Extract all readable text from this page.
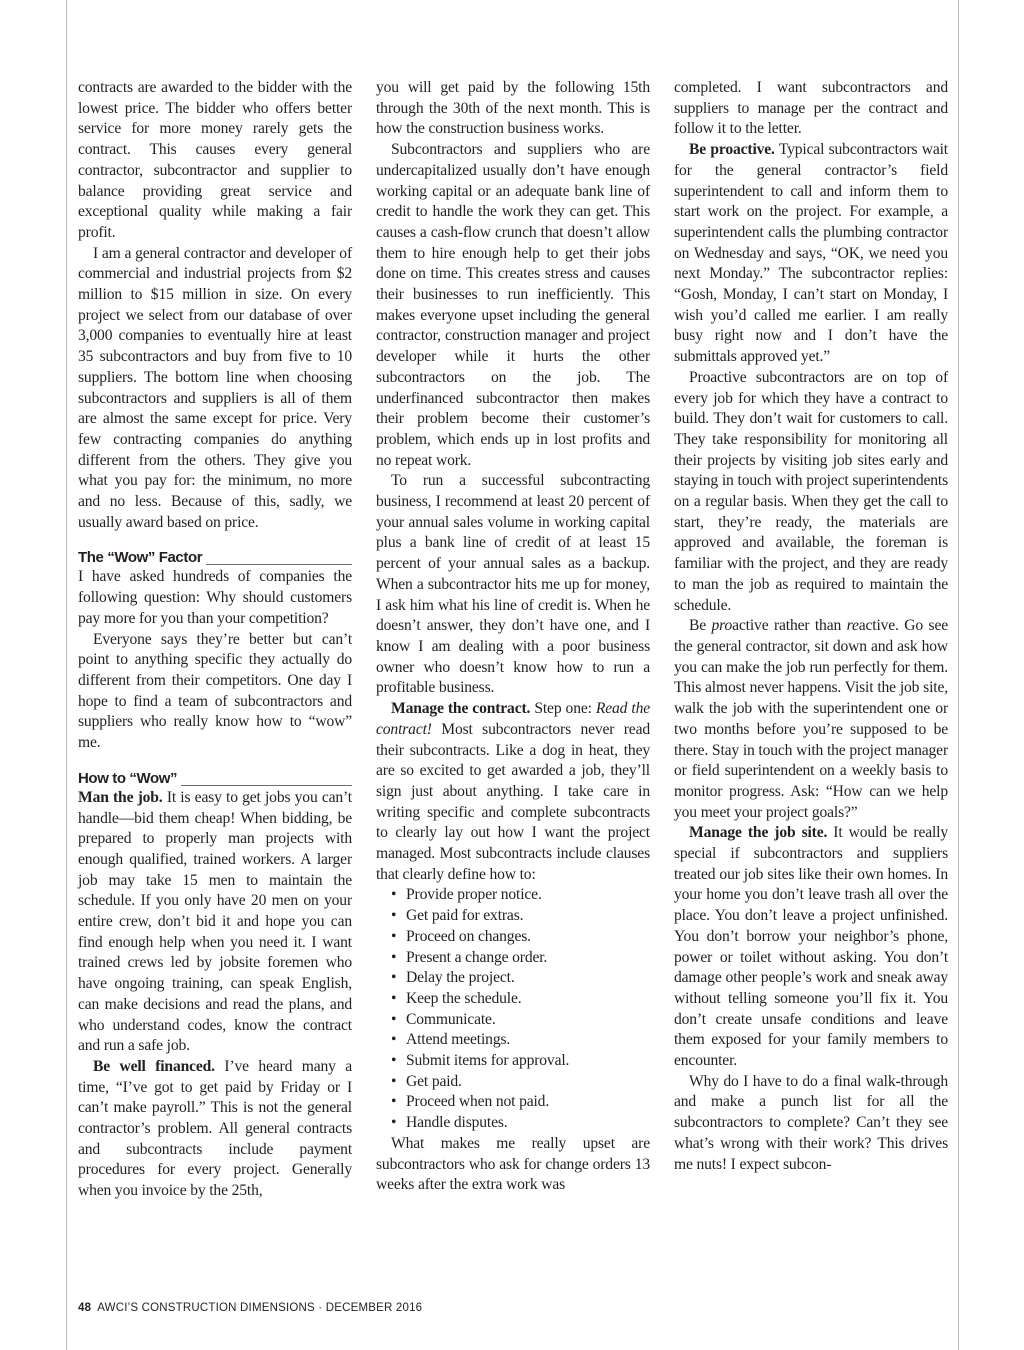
contracts are awarded to the bidder with the lowest price. The bidder who offers better service for more money rarely gets the contract. This causes every general contractor, subcontractor and supplier to balance providing great service and exceptional quality while making a fair profit.

I am a general contractor and developer of commercial and industrial projects from $2 million to $15 million in size. On every project we select from our database of over 3,000 companies to eventually hire at least 35 subcontractors and buy from five to 10 suppliers. The bottom line when choosing subcontractors and suppliers is all of them are almost the same except for price. Very few contracting companies do anything different from the others. They give you what you pay for: the minimum, no more and no less. Because of this, sadly, we usually award based on price.

The “Wow” Factor

I have asked hundreds of companies the following question: Why should customers pay more for you than your competition?

Everyone says they’re better but can’t point to anything specific they actually do different from their competitors. One day I hope to find a team of subcontractors and suppliers who really know how to “wow” me.

How to “Wow”

Man the job. It is easy to get jobs you can’t handle—bid them cheap! When bidding, be prepared to properly man projects with enough qualified, trained workers. A larger job may take 15 men to maintain the schedule. If you only have 20 men on your entire crew, don’t bid it and hope you can find enough help when you need it. I want trained crews led by jobsite foremen who have ongoing training, can speak English, can make decisions and read the plans, and who understand codes, know the contract and run a safe job.

Be well financed. I’ve heard many a time, “I’ve got to get paid by Friday or I can’t make payroll.” This is not the general contractor’s problem. All general contracts and subcontracts include payment procedures for every project. Generally when you invoice by the 25th,

you will get paid by the following 15th through the 30th of the next month. This is how the construction business works.

Subcontractors and suppliers who are undercapitalized usually don’t have enough working capital or an adequate bank line of credit to handle the work they can get. This causes a cash-flow crunch that doesn’t allow them to hire enough help to get their jobs done on time. This creates stress and causes their businesses to run inefficiently. This makes everyone upset including the general contractor, construction manager and project developer while it hurts the other subcontractors on the job. The underfinanced subcontractor then makes their problem become their customer’s problem, which ends up in lost profits and no repeat work.

To run a successful subcontracting business, I recommend at least 20 percent of your annual sales volume in working capital plus a bank line of credit of at least 15 percent of your annual sales as a backup. When a subcontractor hits me up for money, I ask him what his line of credit is. When he doesn’t answer, they don’t have one, and I know I am dealing with a poor business owner who doesn’t know how to run a profitable business.

Manage the contract. Step one: Read the contract! Most subcontractors never read their subcontracts. Like a dog in heat, they are so excited to get awarded a job, they’ll sign just about anything. I take care in writing specific and complete subcontracts to clearly lay out how I want the project managed. Most subcontracts include clauses that clearly define how to:

• Provide proper notice.
• Get paid for extras.
• Proceed on changes.
• Present a change order.
• Delay the project.
• Keep the schedule.
• Communicate.
• Attend meetings.
• Submit items for approval.
• Get paid.
• Proceed when not paid.
• Handle disputes.

What makes me really upset are subcontractors who ask for change orders 13 weeks after the extra work was

completed. I want subcontractors and suppliers to manage per the contract and follow it to the letter.

Be proactive. Typical subcontractors wait for the general contractor’s field superintendent to call and inform them to start work on the project. For example, a superintendent calls the plumbing contractor on Wednesday and says, “OK, we need you next Monday.” The subcontractor replies: “Gosh, Monday, I can’t start on Monday, I wish you’d called me earlier. I am really busy right now and I don’t have the submittals approved yet.”

Proactive subcontractors are on top of every job for which they have a contract to build. They don’t wait for customers to call. They take responsibility for monitoring all their projects by visiting job sites early and staying in touch with project superintendents on a regular basis. When they get the call to start, they’re ready, the materials are approved and available, the foreman is familiar with the project, and they are ready to man the job as required to maintain the schedule.

Be proactive rather than reactive. Go see the general contractor, sit down and ask how you can make the job run perfectly for them. This almost never happens. Visit the job site, walk the job with the superintendent one or two months before you’re supposed to be there. Stay in touch with the project manager or field superintendent on a weekly basis to monitor progress. Ask: “How can we help you meet your project goals?”

Manage the job site. It would be really special if subcontractors and suppliers treated our job sites like their own homes. In your home you don’t leave trash all over the place. You don’t leave a project unfinished. You don’t borrow your neighbor’s phone, power or toilet without asking. You don’t damage other people’s work and sneak away without telling someone you’ll fix it. You don’t create unsafe conditions and leave them exposed for your family members to encounter.

Why do I have to do a final walk-through and make a punch list for all the subcontractors to complete? Can’t they see what’s wrong with their work? This drives me nuts! I expect subcon-

48 AWCI’S CONSTRUCTION DIMENSIONS · DECEMBER 2016
